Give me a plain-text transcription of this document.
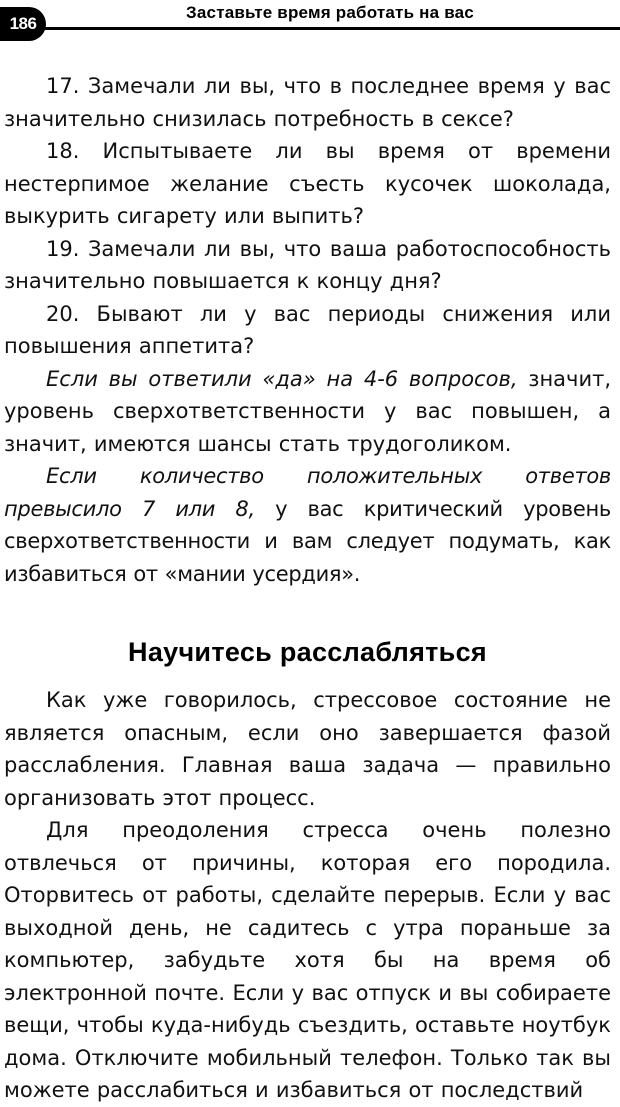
186
Заставьте время работать на вас

17. Замечали ли вы, что в последнее время у вас значительно снизилась потребность в сексе?

18. Испытываете ли вы время от времени нестерпимое желание съесть кусочек шоколада, выкурить сигарету или выпить?

19. Замечали ли вы, что ваша работоспособность значительно повышается к концу дня?

20. Бывают ли у вас периоды снижения или повышения аппетита?

Если вы ответили «да» на 4-6 вопросов, значит, уровень сверхответственности у вас повышен, а значит, имеются шансы стать трудоголиком.

Если количество положительных ответов превысило 7 или 8, у вас критический уровень сверхответственности и вам следует подумать, как избавиться от «мании усердия».

Научитесь расслабляться

Как уже говорилось, стрессовое состояние не является опасным, если оно завершается фазой расслабления. Главная ваша задача — правильно организовать этот процесс.

Для преодоления стресса очень полезно отвлечься от причины, которая его породила. Оторвитесь от работы, сделайте перерыв. Если у вас выходной день, не садитесь с утра пораньше за компьютер, забудьте хотя бы на время об электронной почте. Если у вас отпуск и вы собираете вещи, чтобы куда-нибудь съездить, оставьте ноутбук дома. Отключите мобильный телефон. Только так вы можете расслабиться и избавиться от последствий
